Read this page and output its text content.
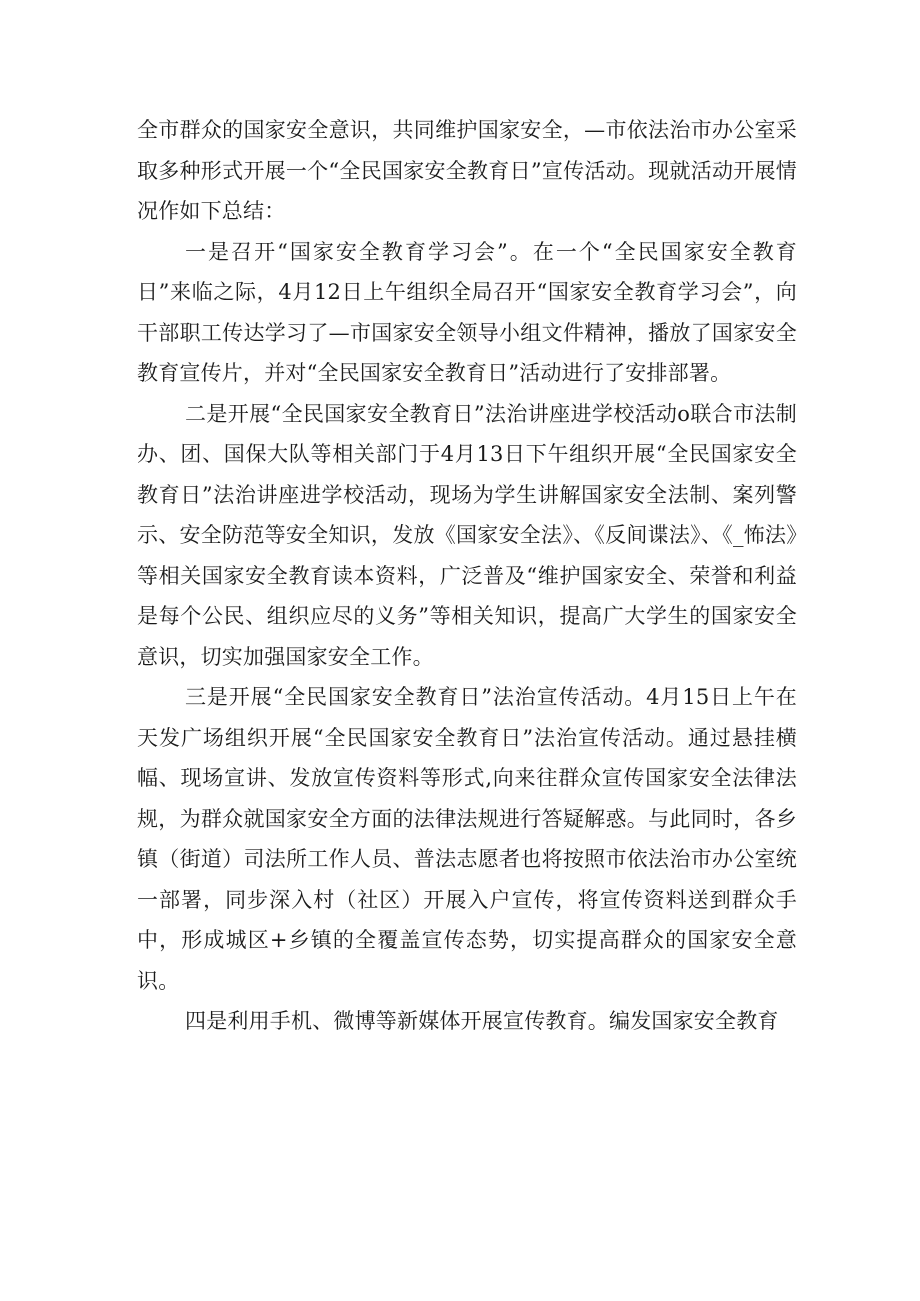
全市群众的国家安全意识，共同维护国家安全，—市依法治市办公室采取多种形式开展一个“全民国家安全教育日”宣传活动。现就活动开展情况作如下总结：

一是召开“国家安全教育学习会”。在一个“全民国家安全教育日”来临之际，4月12日上午组织全局召开“国家安全教育学习会”，向干部职工传达学习了—市国家安全领导小组文件精神，播放了国家安全教育宣传片，并对“全民国家安全教育日”活动进行了安排部署。

二是开展“全民国家安全教育日”法治讲座进学校活动o联合市法制办、团、国保大队等相关部门于4月13日下午组织开展“全民国家安全教育日”法治讲座进学校活动，现场为学生讲解国家安全法制、案列警示、安全防范等安全知识，发放《国家安全法》、《反间谍法》、《_怖法》等相关国家安全教育读本资料，广泛普及“维护国家安全、荣誉和利益是每个公民、组织应尽的义务”等相关知识，提高广大学生的国家安全意识，切实加强国家安全工作。

三是开展“全民国家安全教育日”法治宣传活动。4月15日上午在天发广场组织开展“全民国家安全教育日”法治宣传活动。通过悬挂横幅、现场宣讲、发放宣传资料等形式,向来往群众宣传国家安全法律法规，为群众就国家安全方面的法律法规进行答疑解惑。与此同时，各乡镇（街道）司法所工作人员、普法志愿者也将按照市依法治市办公室统一部署，同步深入村（社区）开展入户宣传，将宣传资料送到群众手中，形成城区+乡镇的全覆盖宣传态势，切实提高群众的国家安全意识。

四是利用手机、微博等新媒体开展宣传教育。编发国家安全教育
